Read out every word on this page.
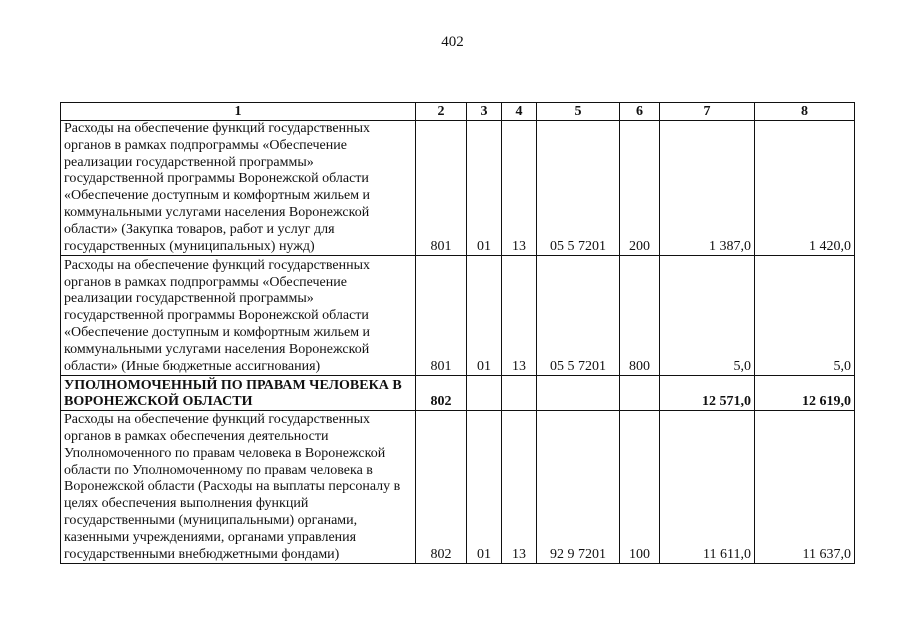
402
1	2	3	4	5	6	7	8
Расходы на обеспечение функций государственных органов в рамках подпрограммы «Обеспечение реализации государственной программы» государственной программы Воронежской области «Обеспечение доступным и комфортным жильем и коммунальными услугами населения Воронежской области» (Закупка товаров, работ и услуг для государственных (муниципальных) нужд)	801	01	13	05 5 7201	200	1 387,0	1 420,0
Расходы на обеспечение функций государственных органов в рамках подпрограммы «Обеспечение реализации государственной программы» государственной программы Воронежской области «Обеспечение доступным и комфортным жильем и коммунальными услугами населения Воронежской области» (Иные бюджетные ассигнования)	801	01	13	05 5 7201	800	5,0	5,0
УПОЛНОМОЧЕННЫЙ ПО ПРАВАМ ЧЕЛОВЕКА В ВОРОНЕЖСКОЙ ОБЛАСТИ	802					12 571,0	12 619,0
Расходы на обеспечение функций государственных органов в рамках обеспечения деятельности Уполномоченного по правам человека в Воронежской области по Уполномоченному по правам человека в Воронежской области (Расходы на выплаты персоналу в целях обеспечения выполнения функций государственными (муниципальными) органами, казенными учреждениями, органами управления государственными внебюджетными фондами)	802	01	13	92 9 7201	100	11 611,0	11 637,0
